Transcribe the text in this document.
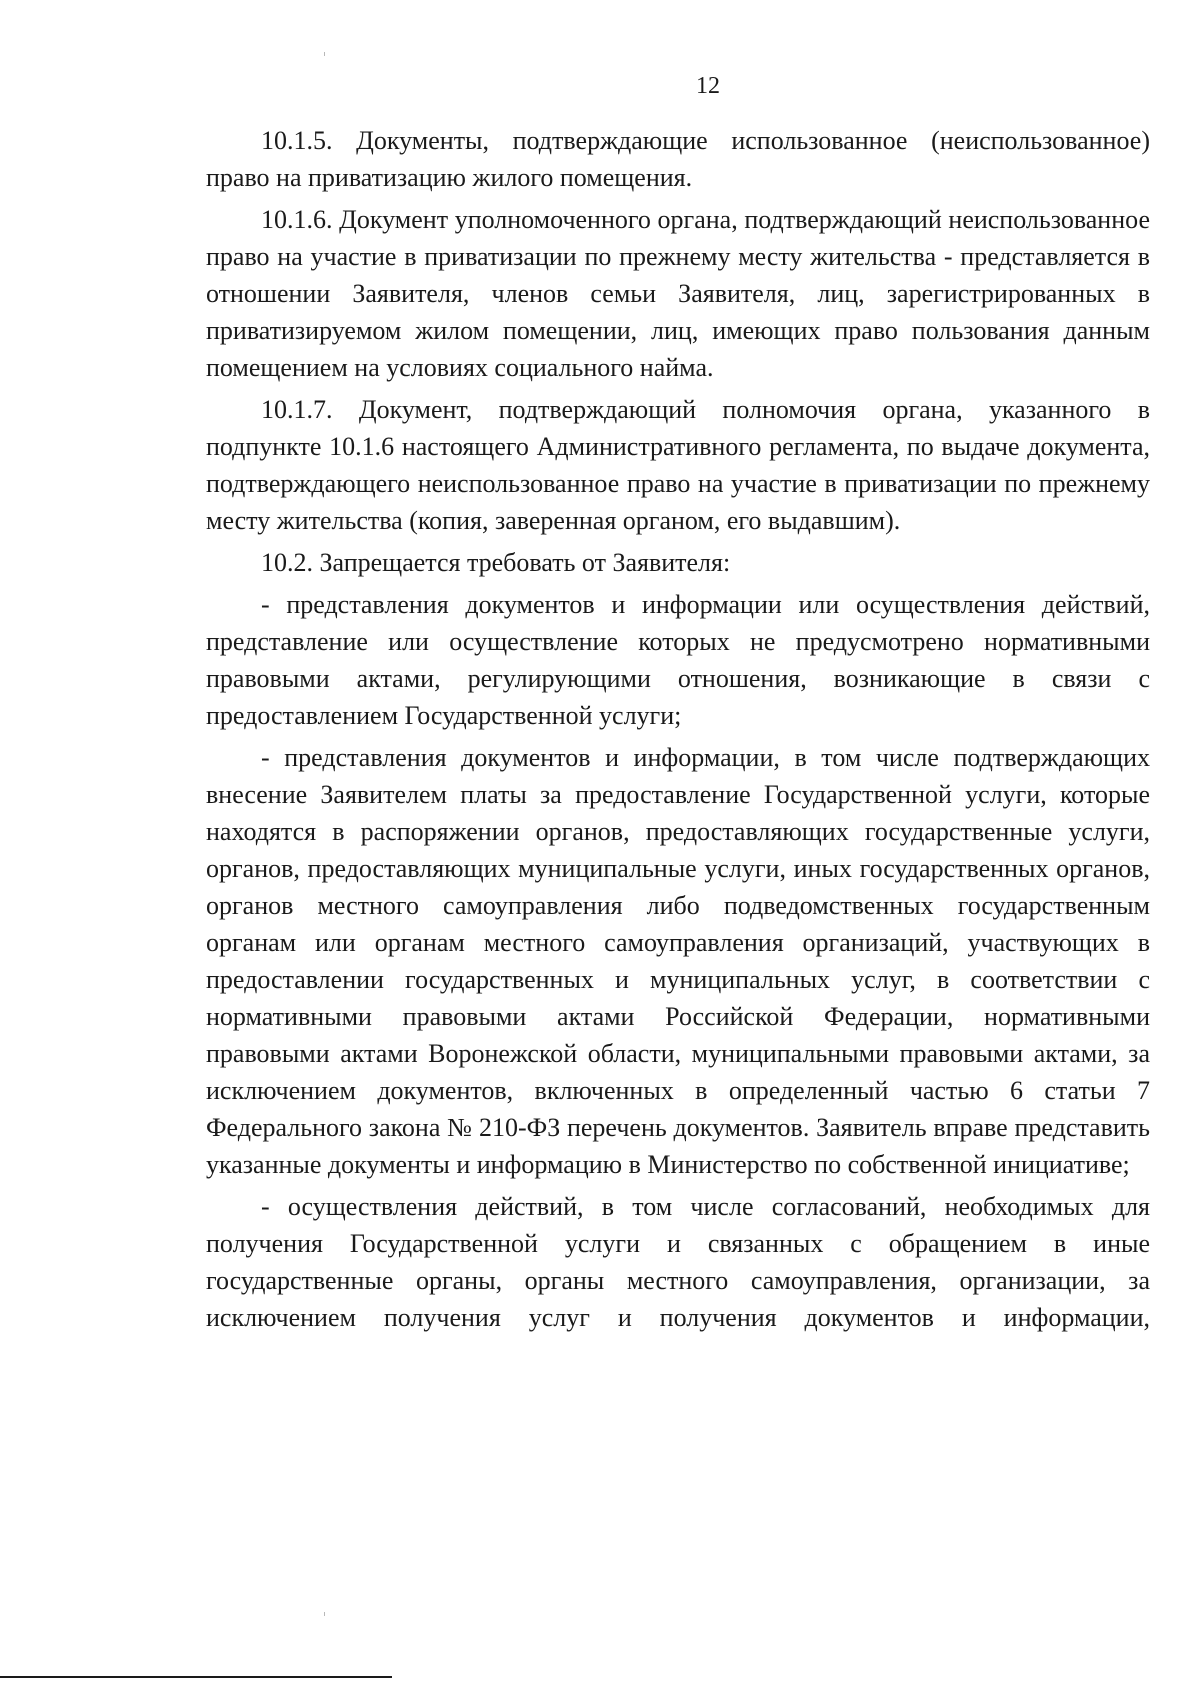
12

10.1.5. Документы, подтверждающие использованное (неиспользованное) право на приватизацию жилого помещения.

10.1.6. Документ уполномоченного органа, подтверждающий неиспользованное право на участие в приватизации по прежнему месту жительства - представляется в отношении Заявителя, членов семьи Заявителя, лиц, зарегистрированных в приватизируемом жилом помещении, лиц, имеющих право пользования данным помещением на условиях социального найма.

10.1.7. Документ, подтверждающий полномочия органа, указанного в подпункте 10.1.6 настоящего Административного регламента, по выдаче документа, подтверждающего неиспользованное право на участие в приватизации по прежнему месту жительства (копия, заверенная органом, его выдавшим).

10.2. Запрещается требовать от Заявителя:

- представления документов и информации или осуществления действий, представление или осуществление которых не предусмотрено нормативными правовыми актами, регулирующими отношения, возникающие в связи с предоставлением Государственной услуги;

- представления документов и информации, в том числе подтверждающих внесение Заявителем платы за предоставление Государственной услуги, которые находятся в распоряжении органов, предоставляющих государственные услуги, органов, предоставляющих муниципальные услуги, иных государственных органов, органов местного самоуправления либо подведомственных государственным органам или органам местного самоуправления организаций, участвующих в предоставлении государственных и муниципальных услуг, в соответствии с нормативными правовыми актами Российской Федерации, нормативными правовыми актами Воронежской области, муниципальными правовыми актами, за исключением документов, включенных в определенный частью 6 статьи 7 Федерального закона № 210-ФЗ перечень документов. Заявитель вправе представить указанные документы и информацию в Министерство по собственной инициативе;

- осуществления действий, в том числе согласований, необходимых для получения Государственной услуги и связанных с обращением в иные государственные органы, органы местного самоуправления, организации, за исключением получения услуг и получения документов и информации,
